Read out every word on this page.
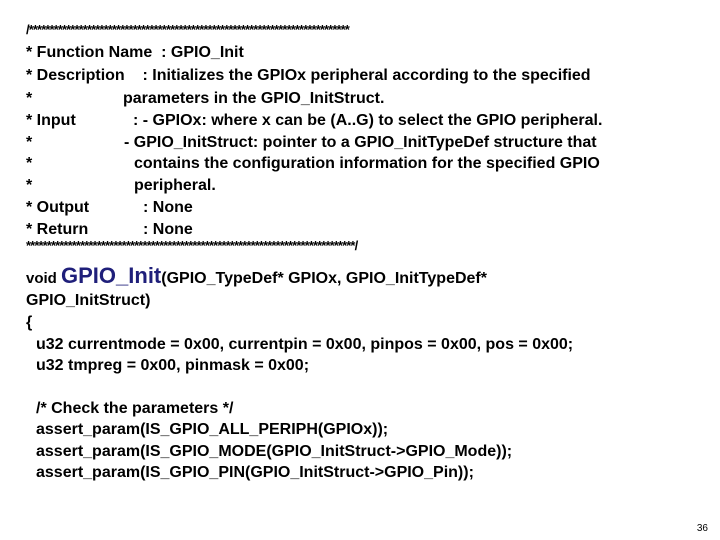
/*****************************************************************************
* Function Name  : GPIO_Init
* Description    : Initializes the GPIOx peripheral according to the specified
*	parameters in the GPIO_InitStruct.
* Input	: - GPIOx: where x can be (A..G) to select the GPIO peripheral.
*	- GPIO_InitStruct: pointer to a GPIO_InitTypeDef structure that
*	contains the configuration information for the specified GPIO
*	peripheral.
* Output	: None
* Return	: None
*******************************************************************************/
void GPIO_Init(GPIO_TypeDef* GPIOx, GPIO_InitTypeDef*
GPIO_InitStruct)
{
u32 currentmode = 0x00, currentpin = 0x00, pinpos = 0x00, pos = 0x00;
u32 tmpreg = 0x00, pinmask = 0x00;
/* Check the parameters */
assert_param(IS_GPIO_ALL_PERIPH(GPIOx));
assert_param(IS_GPIO_MODE(GPIO_InitStruct->GPIO_Mode));
assert_param(IS_GPIO_PIN(GPIO_InitStruct->GPIO_Pin));
36
